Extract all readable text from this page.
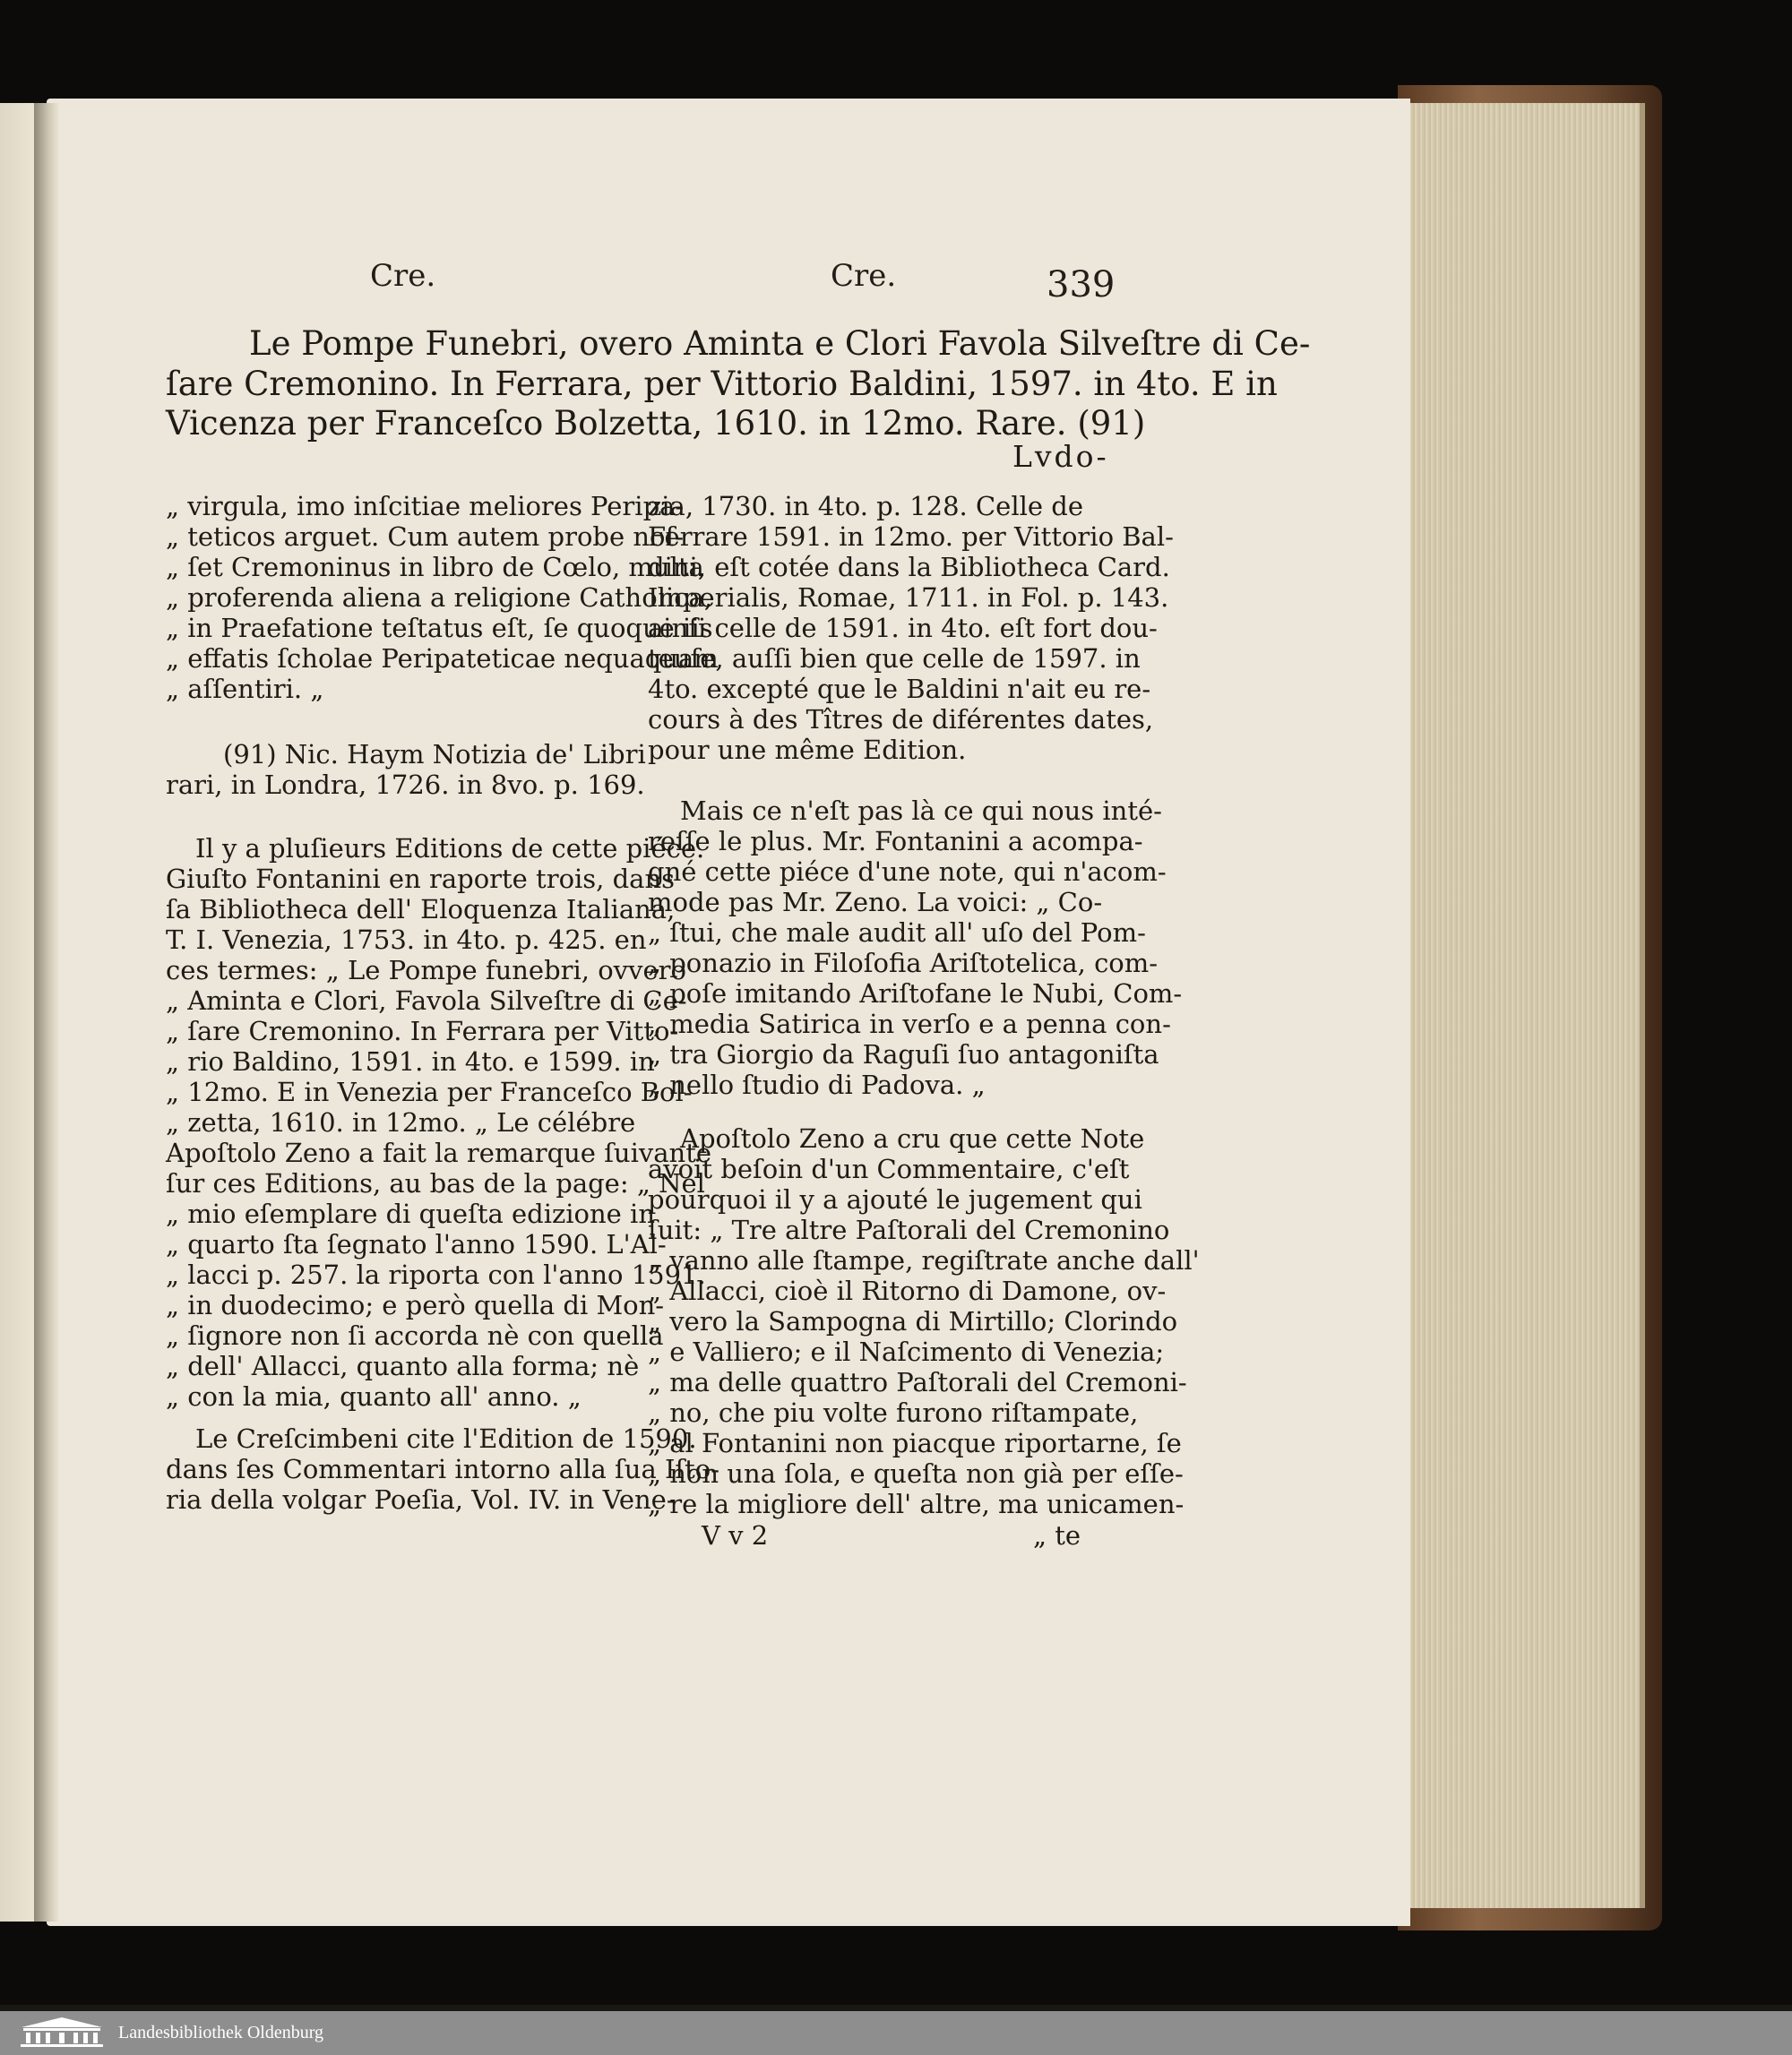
Cre.	Cre.	339
Le Pompe Funebri, overo Aminta e Clori Favola Silveſtre di Ce-
ſare Cremonino. In Ferrara, per Vittorio Baldini, 1597. in 4to. E in
Vicenza per Franceſco Bolzetta, 1610. in 12mo. Rare. (91)
Lvdo-
„ virgula, imo inſcitiae meliores Peripa-
„ teticos arguet. Cum autem probe noſ-
„ ſet Cremoninus in libro de Cœlo, multa
„ proferenda aliena a religione Catholica,
„ in Praefatione teſtatus eſt, ſe quoque iis
„ effatis ſcholae Peripateticae nequaquam
„ aſſentiri. „
(91) Nic. Haym Notizia de' Libri
rari, in Londra, 1726. in 8vo. p. 169.
Il y a pluſieurs Editions de cette piéce.
Giuſto Fontanini en raporte trois, dans
ſa Bibliotheca dell' Eloquenza Italiana,
T. I. Venezia, 1753. in 4to. p. 425. en
ces termes: „ Le Pompe funebri, ovvero
„ Aminta e Clori, Favola Silveſtre di Ce-
„ ſare Cremonino. In Ferrara per Vitto-
„ rio Baldino, 1591. in 4to. e 1599. in
„ 12mo. E in Venezia per Franceſco Bol-
„ zetta, 1610. in 12mo. „ Le célébre
Apoſtolo Zeno a fait la remarque ſuivante
ſur ces Editions, au bas de la page: „ Nel
„ mio eſemplare di queſta edizione in
„ quarto ſta ſegnato l'anno 1590. L'Al-
„ lacci p. 257. la riporta con l'anno 1591.
„ in duodecimo; e però quella di Mon-
„ ſignore non ſi accorda nè con quella
„ dell' Allacci, quanto alla forma; nè
„ con la mia, quanto all' anno. „
Le Creſcimbeni cite l'Edition de 1590.
dans ſes Commentari intorno alla ſua Iſto-
ria della volgar Poeſia, Vol. IV. in Vene-
zia, 1730. in 4to. p. 128. Celle de
Ferrare 1591. in 12mo. per Vittorio Bal-
dini, eſt cotée dans la Bibliotheca Card.
Imperialis, Romae, 1711. in Fol. p. 143.
ainſi celle de 1591. in 4to. eſt fort dou-
teuſe, auſſi bien que celle de 1597. in
4to. excepté que le Baldini n'ait eu re-
cours à des Tîtres de diférentes dates,
pour une même Edition.
Mais ce n'eſt pas là ce qui nous inté-
reſſe le plus. Mr. Fontanini a acompa-
gné cette piéce d'une note, qui n'acom-
mode pas Mr. Zeno. La voici: „ Co-
„ ſtui, che male audit all' uſo del Pom-
„ ponazio in Filoſofia Ariſtotelica, com-
„ poſe imitando Ariſtofane le Nubi, Com-
„ media Satirica in verſo e a penna con-
„ tra Giorgio da Raguſi ſuo antagoniſta
„ nello ſtudio di Padova. „
Apoſtolo Zeno a cru que cette Note
avoit beſoin d'un Commentaire, c'eſt
pourquoi il y a ajouté le jugement qui
ſuit: „ Tre altre Paſtorali del Cremonino
„ vanno alle ſtampe, regiſtrate anche dall'
„ Allacci, cioè il Ritorno di Damone, ov-
„ vero la Sampogna di Mirtillo; Clorindo
„ e Valliero; e il Naſcimento di Venezia;
„ ma delle quattro Paſtorali del Cremoni-
„ no, che piu volte furono riſtampate,
„ al Fontanini non piacque riportarne, ſe
„ non una ſola, e queſta non già per eſſe-
„ re la migliore dell' altre, ma unicamen-
V v 2	„ te
Landesbibliothek Oldenburg
